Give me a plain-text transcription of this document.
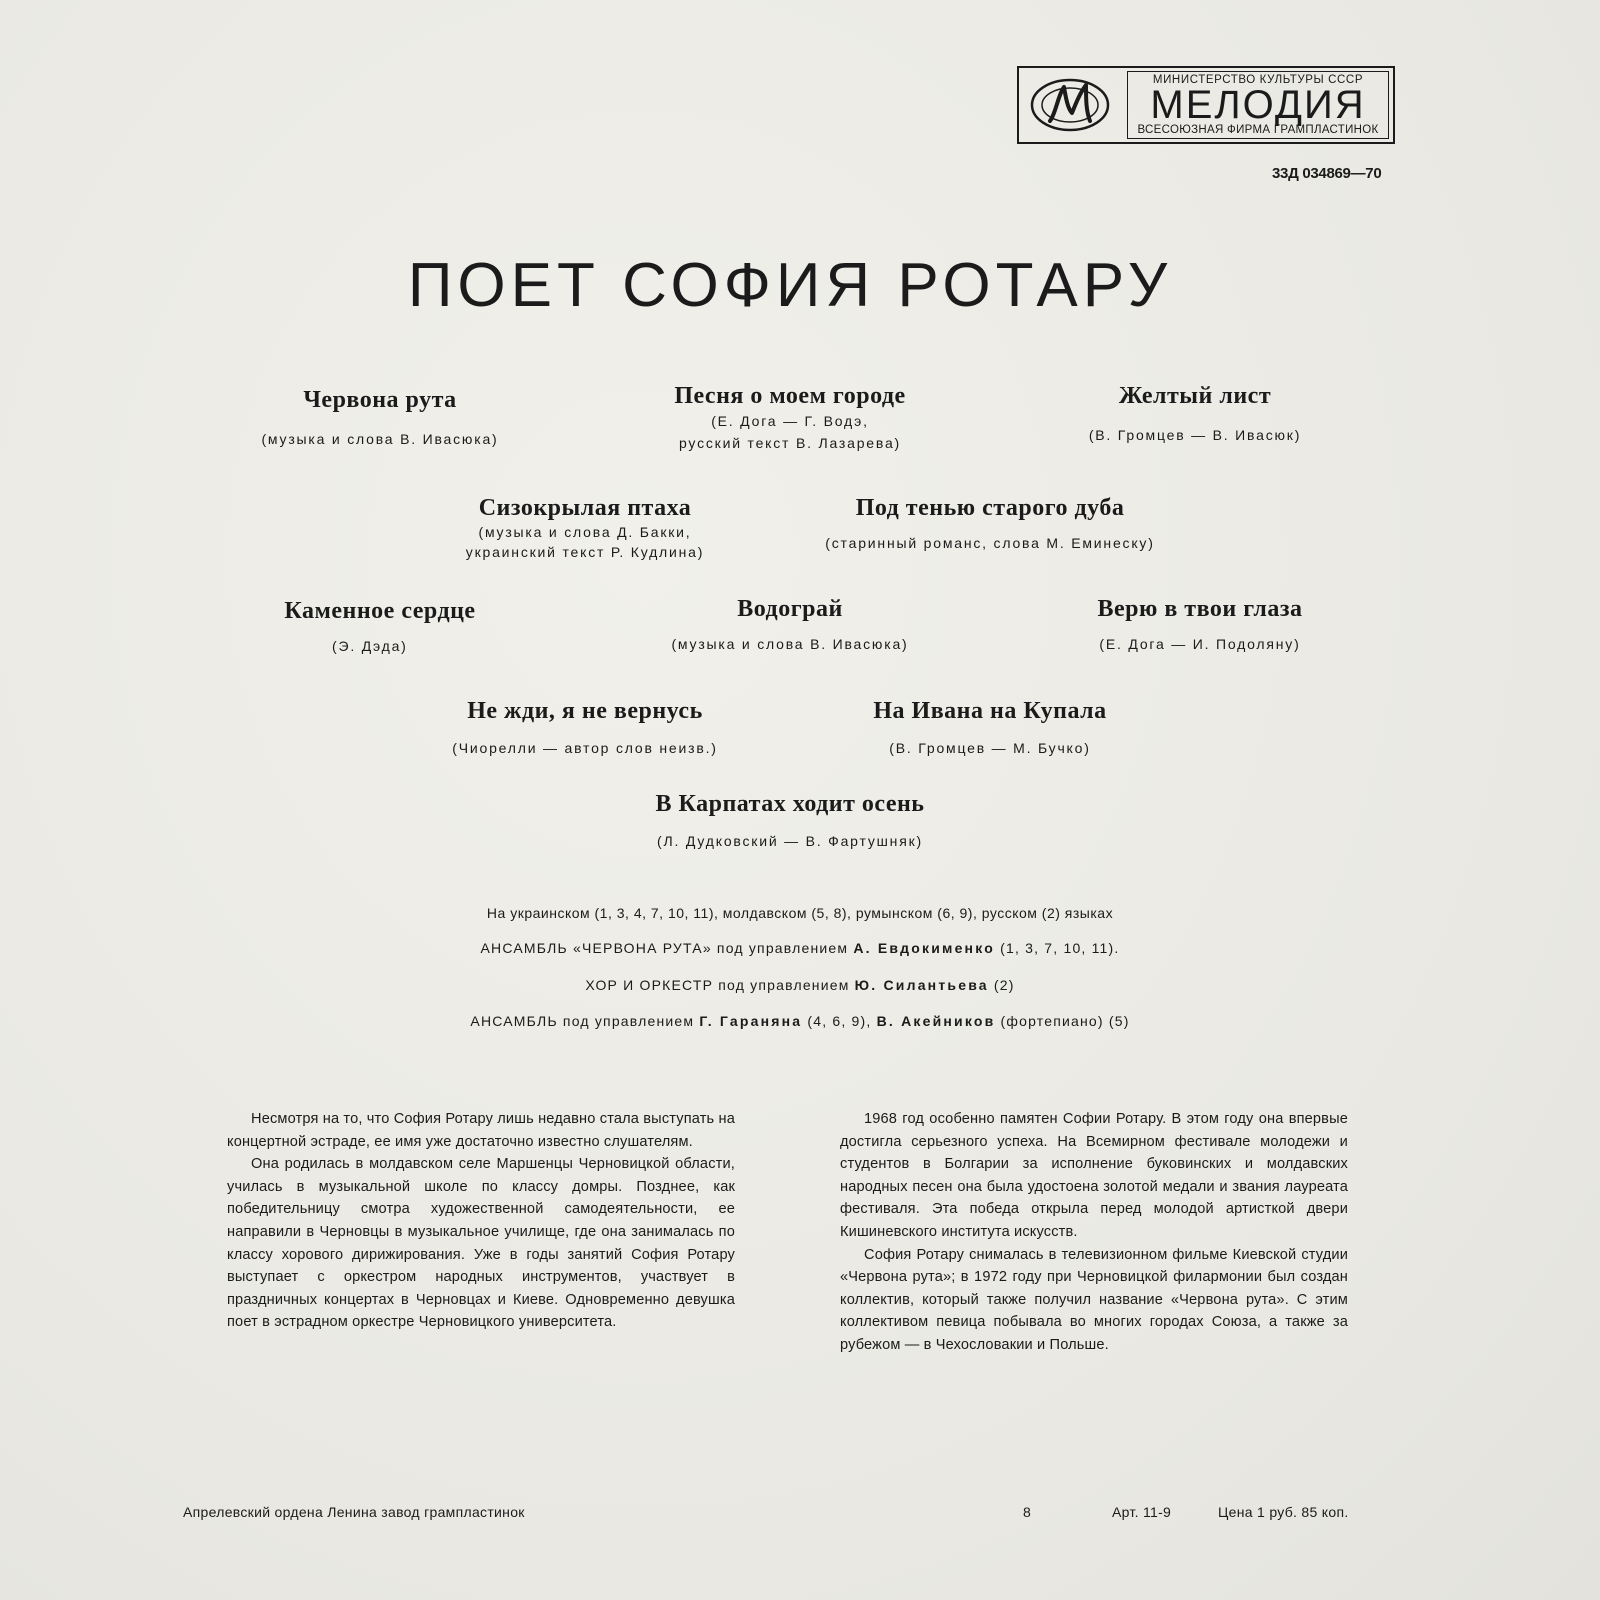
МИНИСТЕРСТВО КУЛЬТУРЫ СССР
МЕЛОДИЯ
ВСЕСОЮЗНАЯ ФИРМА ГРАМПЛАСТИНОК
33Д 034869—70
ПОЕТ СОФИЯ РОТАРУ
Червона рута
(музыка и слова В. Ивасюка)
Песня о моем городе
(Е. Дога — Г. Водэ,
русский текст В. Лазарева)
Желтый лист
(В. Громцев — В. Ивасюк)
Сизокрылая птаха
(музыка и слова Д. Бакки,
украинский текст Р. Кудлина)
Под тенью старого дуба
(старинный романс, слова М. Еминеску)
Каменное сердце
(Э. Дэда)
Водограй
(музыка и слова В. Ивасюка)
Верю в твои глаза
(Е. Дога — И. Подоляну)
Не жди, я не вернусь
(Чиорелли — автор слов неизв.)
На Ивана на Купала
(В. Громцев — М. Бучко)
В Карпатах ходит осень
(Л. Дудковский — В. Фартушняк)
На украинском (1, 3, 4, 7, 10, 11), молдавском (5, 8), румынском (6, 9), русском (2) языках
АНСАМБЛЬ «ЧЕРВОНА РУТА» под управлением А. Евдокименко (1, 3, 7, 10, 11).
ХОР И ОРКЕСТР под управлением Ю. Силантьева (2)
АНСАМБЛЬ под управлением Г. Гараняна (4, 6, 9), В. Акейников (фортепиано) (5)

Несмотря на то, что София Ротару лишь недавно стала выступать на концертной эстраде, ее имя уже достаточно известно слушателям.

Она родилась в молдавском селе Маршенцы Черновицкой области, училась в музыкальной школе по классу домры. Позднее, как победительницу смотра художественной самодеятельности, ее направили в Черновцы в музыкальное училище, где она занималась по классу хорового дирижирования. Уже в годы занятий София Ротару выступает с оркестром народных инструментов, участвует в праздничных концертах в Черновцах и Киеве. Одновременно девушка поет в эстрадном оркестре Черновицкого университета.

1968 год особенно памятен Софии Ротару. В этом году она впервые достигла серьезного успеха. На Всемирном фестивале молодежи и студентов в Болгарии за исполнение буковинских и молдавских народных песен она была удостоена золотой медали и звания лауреата фестиваля. Эта победа открыла перед молодой артисткой двери Кишиневского института искусств.

София Ротару снималась в телевизионном фильме Киевской студии «Червона рута»; в 1972 году при Черновицкой филармонии был создан коллектив, который также получил название «Червона рута». С этим коллективом певица побывала во многих городах Союза, а также за рубежом — в Чехословакии и Польше.

Апрелевский ордена Ленина завод грампластинок	8	Арт. 11-9	Цена 1 руб. 85 коп.
